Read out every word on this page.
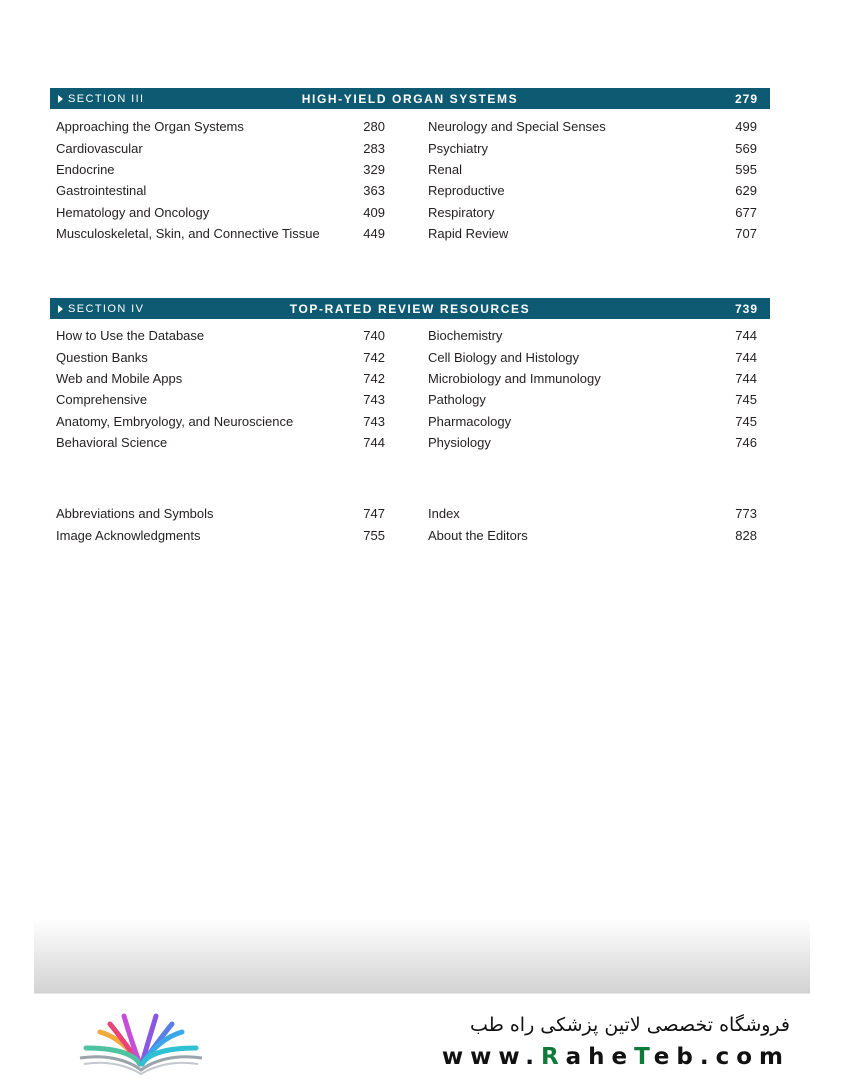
SECTION III	HIGH-YIELD ORGAN SYSTEMS	279
Approaching the Organ Systems	280
Cardiovascular	283
Endocrine	329
Gastrointestinal	363
Hematology and Oncology	409
Musculoskeletal, Skin, and Connective Tissue	449
Neurology and Special Senses	499
Psychiatry	569
Renal	595
Reproductive	629
Respiratory	677
Rapid Review	707
SECTION IV	TOP-RATED REVIEW RESOURCES	739
How to Use the Database	740
Question Banks	742
Web and Mobile Apps	742
Comprehensive	743
Anatomy, Embryology, and Neuroscience	743
Behavioral Science	744
Biochemistry	744
Cell Biology and Histology	744
Microbiology and Immunology	744
Pathology	745
Pharmacology	745
Physiology	746
Abbreviations and Symbols	747
Image Acknowledgments	755
Index	773
About the Editors	828
فروشگاه تخصصی لاتین پزشکی راه طب
www.RaheTeb.com
